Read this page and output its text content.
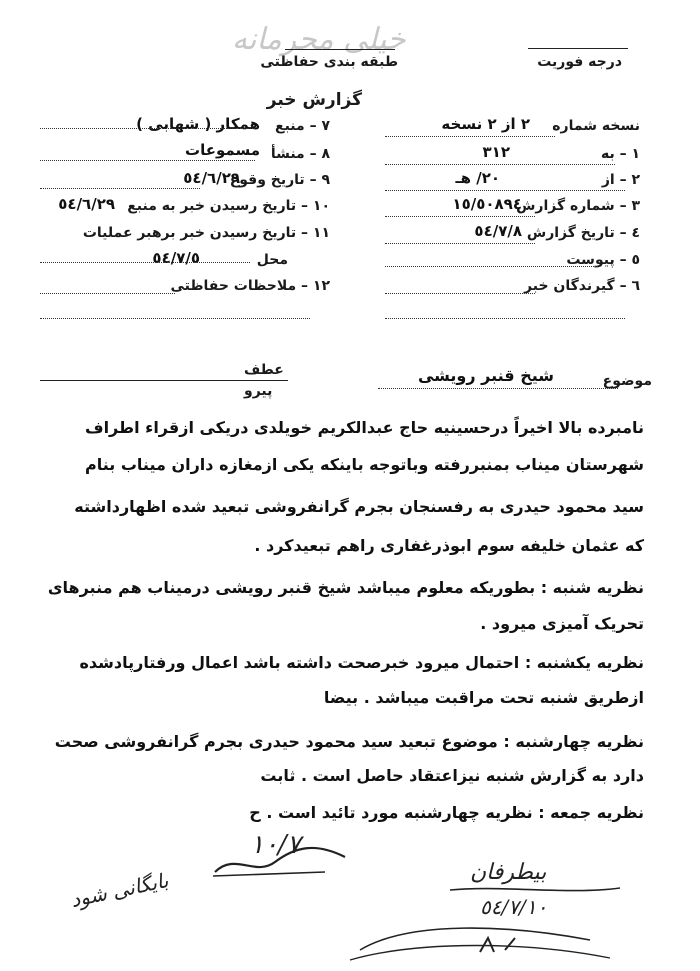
خیلی محرمانه
درجه فوریت
طبقه بندی حفاظتی
گزارش خبر
نسخه شماره
٢ از ٢ نسخه
١ – به
٣١٢
٢ – از
٢٠/ هـ
٣ – شماره گزارش
١٥/٥٠٨٩٤
٤ – تاریخ گزارش
٥٤/٧/٨
٥ – پیوست
٦ – گیرندگان خبر
٧ – منبع
همکار ( شهابی )
٨ – منشأ
مسموعات
٩ – تاریخ وقوع
٥٤/٦/٢٩
١٠ – تاریخ رسیدن خبر به منبع
٥٤/٦/٢٩
١١ – تاریخ رسیدن خبر برهبر عملیات
محل
٥٤/٧/٥
١٢ – ملاحظات حفاظتی
عطف
پیرو
موضوع
شیخ قنبر رویشی
نامبرده بالا اخیراً درحسینیه حاج عبدالکریم خویلدی دریکی ازقراء اطراف
شهرستان میناب بمنبررفته وباتوجه باینکه یکی ازمغازه داران میناب بنام
سید محمود حیدری به رفسنجان بجرم گرانفروشی تبعید شده اظهارداشته
که عثمان خلیفه سوم ابوذرغفاری راهم تبعیدکرد .
نظریه شنبه : بطوریکه معلوم میباشد شیخ قنبر رویشی درمیناب هم منبرهای
تحریک آمیزی میرود .
نظریه یکشنبه : احتمال میرود خبرصحت داشته باشد اعمال ورفتارپادشده
ازطریق شنبه تحت مراقبت میباشد . بیضا
نظریه چهارشنبه : موضوع تبعید سید محمود حیدری بجرم گرانفروشی صحت
دارد به گزارش شنبه نیزاعتقاد حاصل است . ثابت
نظریه جمعه : نظریه چهارشنبه مورد تائید است . ح
١٠/٧
بایگانی شود	بیطرفان
٥٤/٧/١٠
